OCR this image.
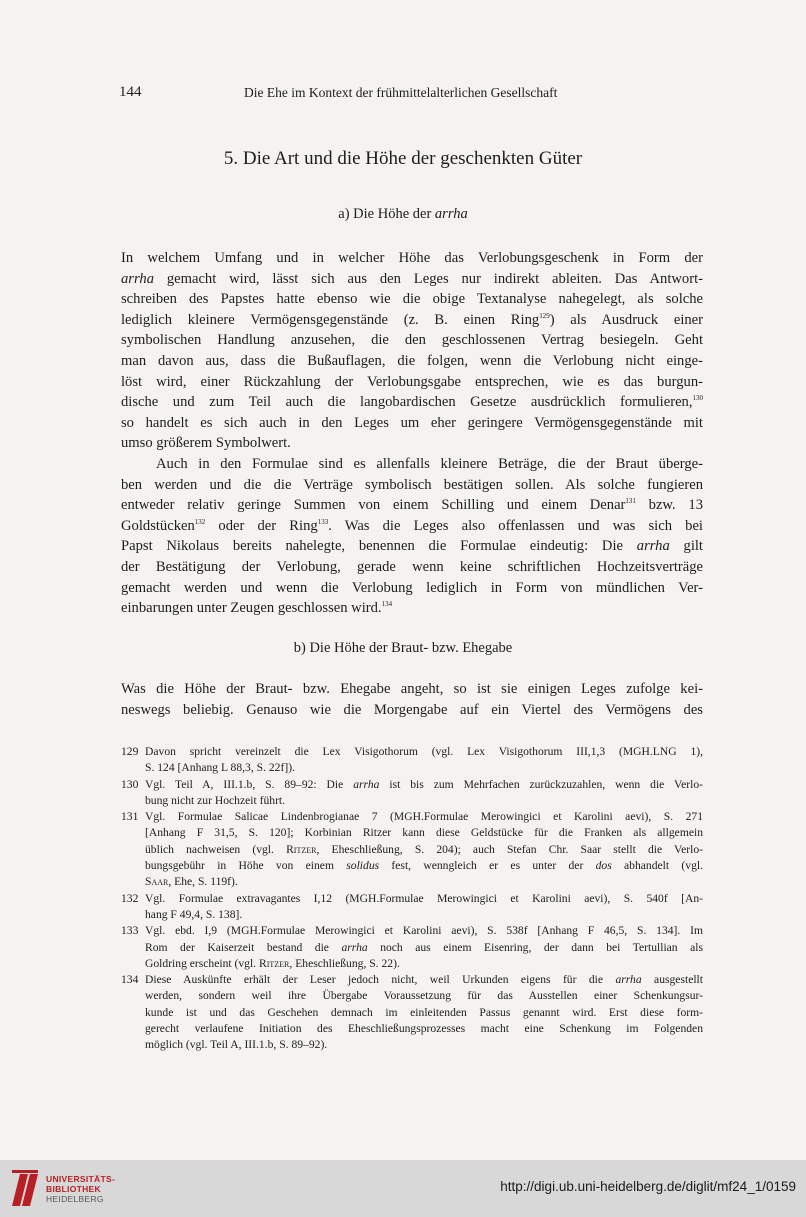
144	Die Ehe im Kontext der frühmittelalterlichen Gesellschaft
5. Die Art und die Höhe der geschenkten Güter
a) Die Höhe der arrha
In welchem Umfang und in welcher Höhe das Verlobungsgeschenk in Form der
arrha gemacht wird, lässt sich aus den Leges nur indirekt ableiten. Das Antwort-
schreiben des Papstes hatte ebenso wie die obige Textanalyse nahegelegt, als solche
lediglich kleinere Vermögensgegenstände (z. B. einen Ring$^{129}$) als Ausdruck einer
symbolischen Handlung anzusehen, die den geschlossenen Vertrag besiegeln. Geht
man davon aus, dass die Bußauflagen, die folgen, wenn die Verlobung nicht einge-
löst wird, einer Rückzahlung der Verlobungsgabe entsprechen, wie es das burgun-
dische und zum Teil auch die langobardischen Gesetze ausdrücklich formulieren,$^{130}$
so handelt es sich auch in den Leges um eher geringere Vermögensgegenstände mit
umso größerem Symbolwert.
Auch in den Formulae sind es allenfalls kleinere Beträge, die der Braut überge-
ben werden und die die Verträge symbolisch bestätigen sollen. Als solche fungieren
entweder relativ geringe Summen von einem Schilling und einem Denar$^{131}$ bzw. 13
Goldstücken$^{132}$ oder der Ring$^{133}$. Was die Leges also offenlassen und was sich bei
Papst Nikolaus bereits nahelegte, benennen die Formulae eindeutig: Die arrha gilt
der Bestätigung der Verlobung, gerade wenn keine schriftlichen Hochzeitsverträge
gemacht werden und wenn die Verlobung lediglich in Form von mündlichen Ver-
einbarungen unter Zeugen geschlossen wird.$^{134}$
b) Die Höhe der Braut- bzw. Ehegabe
Was die Höhe der Braut- bzw. Ehegabe angeht, so ist sie einigen Leges zufolge kei-
neswegs beliebig. Genauso wie die Morgengabe auf ein Viertel des Vermögens des
129 Davon spricht vereinzelt die Lex Visigothorum (vgl. Lex Visigothorum III,1,3 (MGH.LNG 1),
S. 124 [Anhang L 88,3, S. 22f]).
130 Vgl. Teil A, III.1.b, S. 89–92: Die arrha ist bis zum Mehrfachen zurückzuzahlen, wenn die Verlo-
bung nicht zur Hochzeit führt.
131 Vgl. Formulae Salicae Lindenbrogianae 7 (MGH.Formulae Merowingici et Karolini aevi), S. 271
[Anhang F 31,5, S. 120]; Korbinian Ritzer kann diese Geldstücke für die Franken als allgemein
üblich nachweisen (vgl. Ritzer, Eheschließung, S. 204); auch Stefan Chr. Saar stellt die Verlo-
bungsgebühr in Höhe von einem solidus fest, wenngleich er es unter der dos abhandelt (vgl.
Saar, Ehe, S. 119f).
132 Vgl. Formulae extravagantes I,12 (MGH.Formulae Merowingici et Karolini aevi), S. 540f [An-
hang F 49,4, S. 138].
133 Vgl. ebd. I,9 (MGH.Formulae Merowingici et Karolini aevi), S. 538f [Anhang F 46,5, S. 134]. Im
Rom der Kaiserzeit bestand die arrha noch aus einem Eisenring, der dann bei Tertullian als
Goldring erscheint (vgl. Ritzer, Eheschließung, S. 22).
134 Diese Auskünfte erhält der Leser jedoch nicht, weil Urkunden eigens für die arrha ausgestellt
werden, sondern weil ihre Übergabe Voraussetzung für das Ausstellen einer Schenkungsur-
kunde ist und das Geschehen demnach im einleitenden Passus genannt wird. Erst diese form-
gerecht verlaufene Initiation des Eheschließungsprozesses macht eine Schenkung im Folgenden
möglich (vgl. Teil A, III.1.b, S. 89–92).
UNIVERSITÄTS-
BIBLIOTHEK
HEIDELBERG
http://digi.ub.uni-heidelberg.de/diglit/mf24_1/0159
